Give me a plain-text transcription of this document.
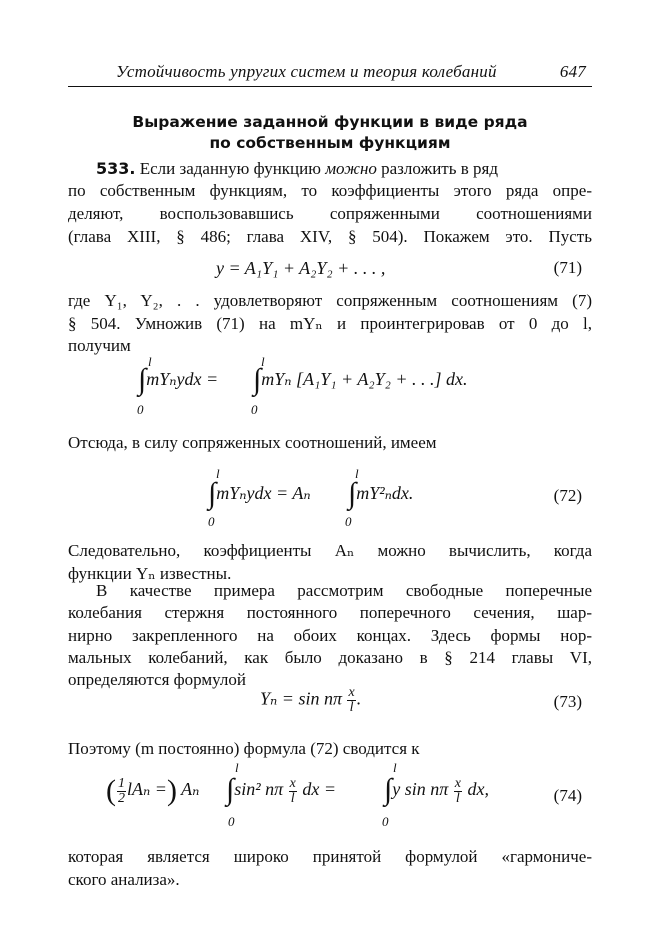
Устойчивость упругих систем и теория колебаний	647
Выражение заданной функции в виде ряда
по собственным функциям
533. Если заданную функцию можно разложить в ряд
по собственным функциям, то коэффициенты этого ряда опре-
деляют, воспользовавшись сопряженными соотношениями
(глава XIII, § 486; глава XIV, § 504). Покажем это. Пусть
y = A₁Y₁ + A₂Y₂ + . . . ,	(71)
где Y₁, Y₂, . . удовлетворяют сопряженным соотношениям (7)
§ 504. Умножив (71) на mYₙ и проинтегрировав от 0 до l,
получим
l
0
∫mYₙydx =
l
0
∫mYₙ [A₁Y₁ + A₂Y₂ + . . .] dx.
Отсюда, в силу сопряженных соотношений, имеем
l
0
∫mYₙydx = Aₙ
l
0
∫mY²ₙdx.	(72)
Следовательно, коэффициенты Aₙ можно вычислить, когда
функции Yₙ известны.
В качестве примера рассмотрим свободные поперечные
колебания стержня постоянного поперечного сечения, шар-
нирно закрепленного на обоих концах. Здесь формы нор-
мальных колебаний, как было доказано в § 214 главы VI,
определяются формулой
Yₙ = sin nπ $\frac{x}{l}$ .	(73)
Поэтому (m постоянно) формула (72) сводится к
( $\frac{1}{2}$ lAₙ =) Aₙ
l
0
∫sin² nπ $\frac{x}{l}$ dx =
l
0
∫y sin nπ $\frac{x}{l}$ dx,	(74)
которая является широко принятой формулой «гармониче-
ского анализа».
